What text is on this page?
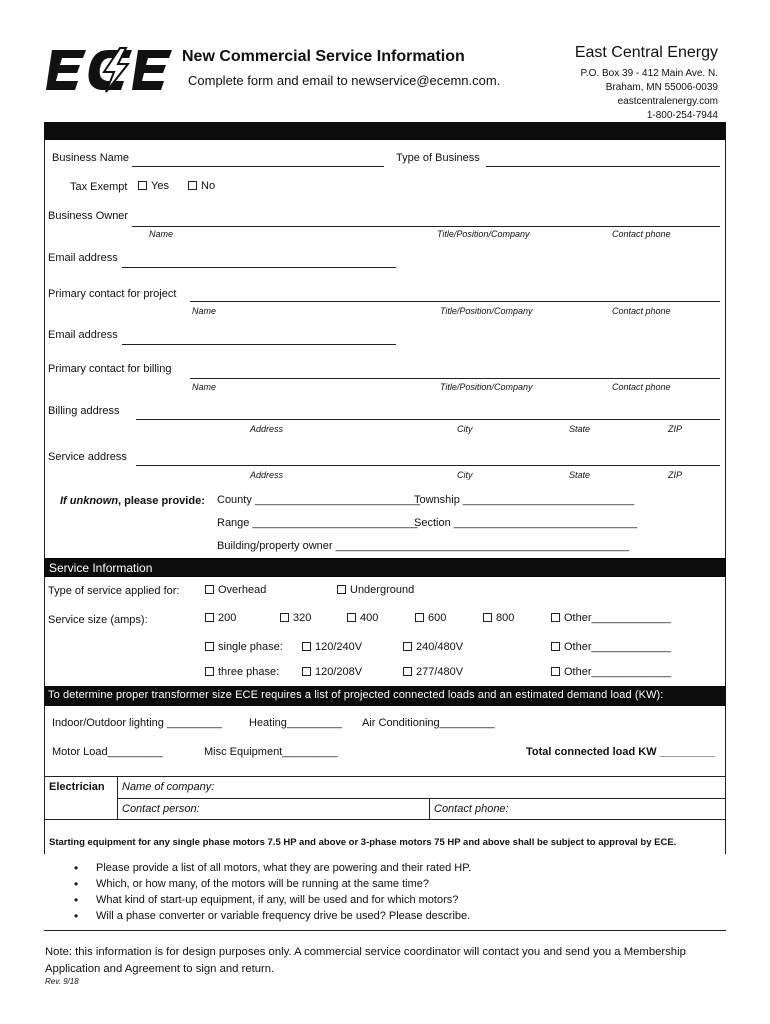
New Commercial Service Information
Complete form and email to newservice@ecemn.com.
East Central Energy
P.O. Box 39 - 412 Main Ave. N.
Braham, MN 55006-0039
eastcentralenergy.com
1-800-254-7944
Business Name	Type of Business
Tax Exempt	Yes	No
Business Owner
Name	Title/Position/Company	Contact phone
Email address
Primary contact for project
Name	Title/Position/Company	Contact phone
Email address
Primary contact for billing
Name	Title/Position/Company	Contact phone
Billing address
Address	City	State	ZIP
Service address
Address	City	State	ZIP
If unknown, please provide: County ___________________________
Township ____________________________
Range ___________________________
Section ______________________________
Building/property owner ________________________________________________
Service Information
Type of service applied for:	Overhead	Underground
Service size (amps):	200	320	400	600	800	Other_____________
single phase:	120/240V	240/480V	Other_____________
three phase:	120/208V	277/480V	Other_____________
To determine proper transformer size ECE requires a list of projected connected loads and an estimated demand load (KW):
Indoor/Outdoor lighting _________ Heating_________ Air Conditioning_________
Motor Load_________	Misc Equipment_________	Total connected load KW _________
Electrician Name of company:
Contact person:	Contact phone:
Starting equipment for any single phase motors 7.5 HP and above or 3-phase motors 75 HP and above shall be subject to approval by ECE.
• Please provide a list of all motors, what they are powering and their rated HP.
• Which, or how many, of the motors will be running at the same time?
• What kind of start-up equipment, if any, will be used and for which motors?
• Will a phase converter or variable frequency drive be used? Please describe.
Note: this information is for design purposes only. A commercial service coordinator will contact you and send you a Membership Application and Agreement to sign and return.
Rev. 9/18
